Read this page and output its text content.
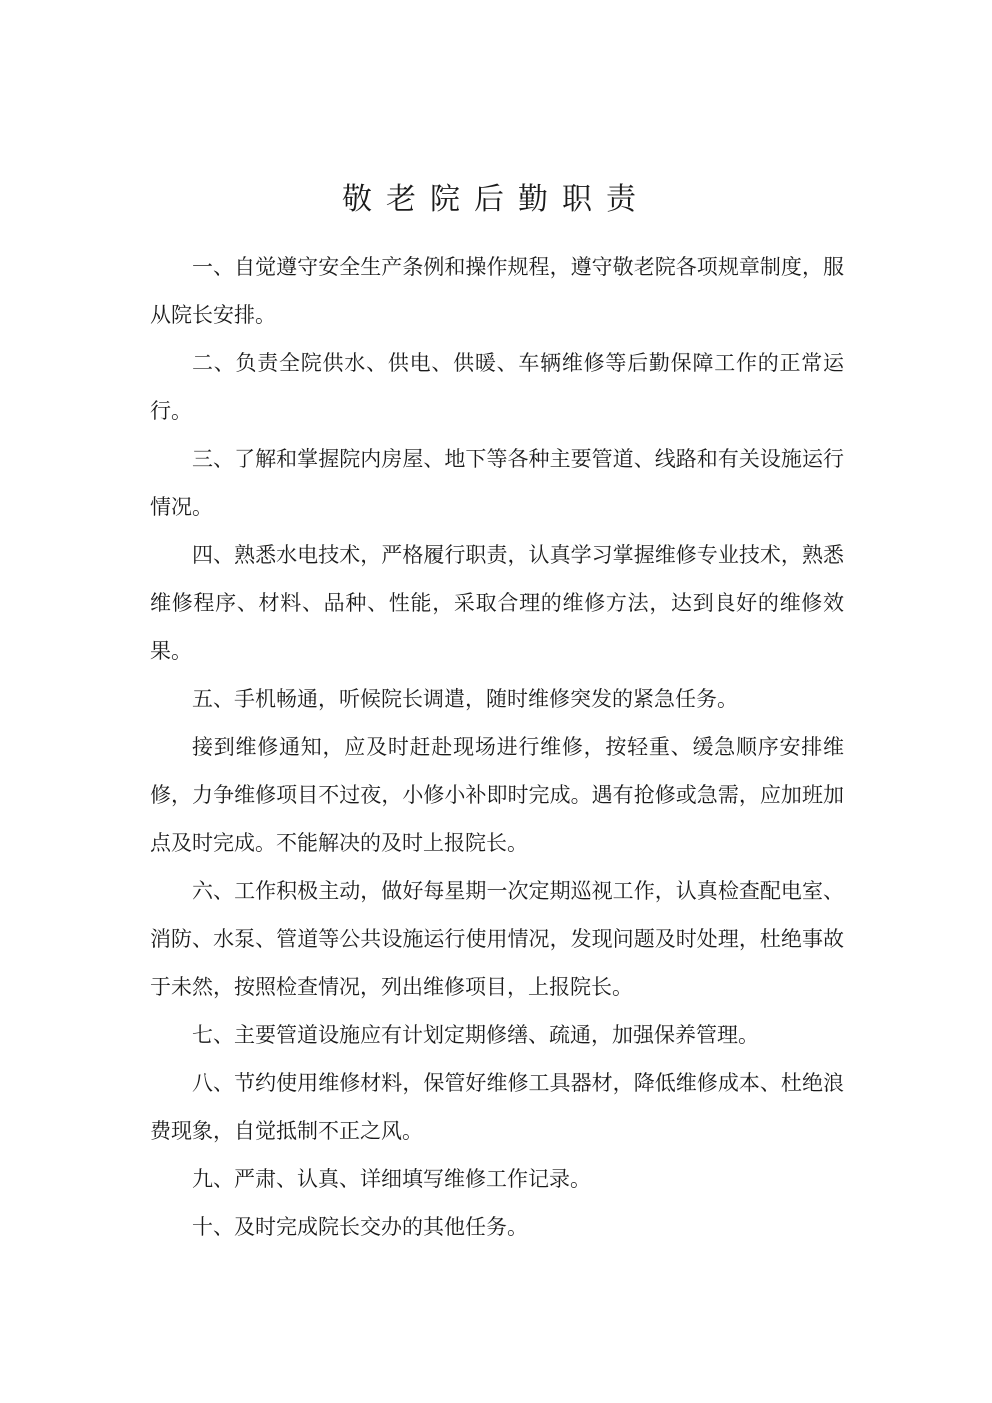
敬老院后勤职责

一、自觉遵守安全生产条例和操作规程，遵守敬老院各项规章制度，服从院长安排。

二、负责全院供水、供电、供暖、车辆维修等后勤保障工作的正常运行。

三、了解和掌握院内房屋、地下等各种主要管道、线路和有关设施运行情况。

四、熟悉水电技术，严格履行职责，认真学习掌握维修专业技术，熟悉维修程序、材料、品种、性能，采取合理的维修方法，达到良好的维修效果。

五、手机畅通，听候院长调遣，随时维修突发的紧急任务。

接到维修通知，应及时赶赴现场进行维修，按轻重、缓急顺序安排维修，力争维修项目不过夜，小修小补即时完成。遇有抢修或急需，应加班加点及时完成。不能解决的及时上报院长。

六、工作积极主动，做好每星期一次定期巡视工作，认真检查配电室、消防、水泵、管道等公共设施运行使用情况，发现问题及时处理，杜绝事故于未然，按照检查情况，列出维修项目，上报院长。

七、主要管道设施应有计划定期修缮、疏通，加强保养管理。

八、节约使用维修材料，保管好维修工具器材，降低维修成本、杜绝浪费现象，自觉抵制不正之风。

九、严肃、认真、详细填写维修工作记录。

十、及时完成院长交办的其他任务。
